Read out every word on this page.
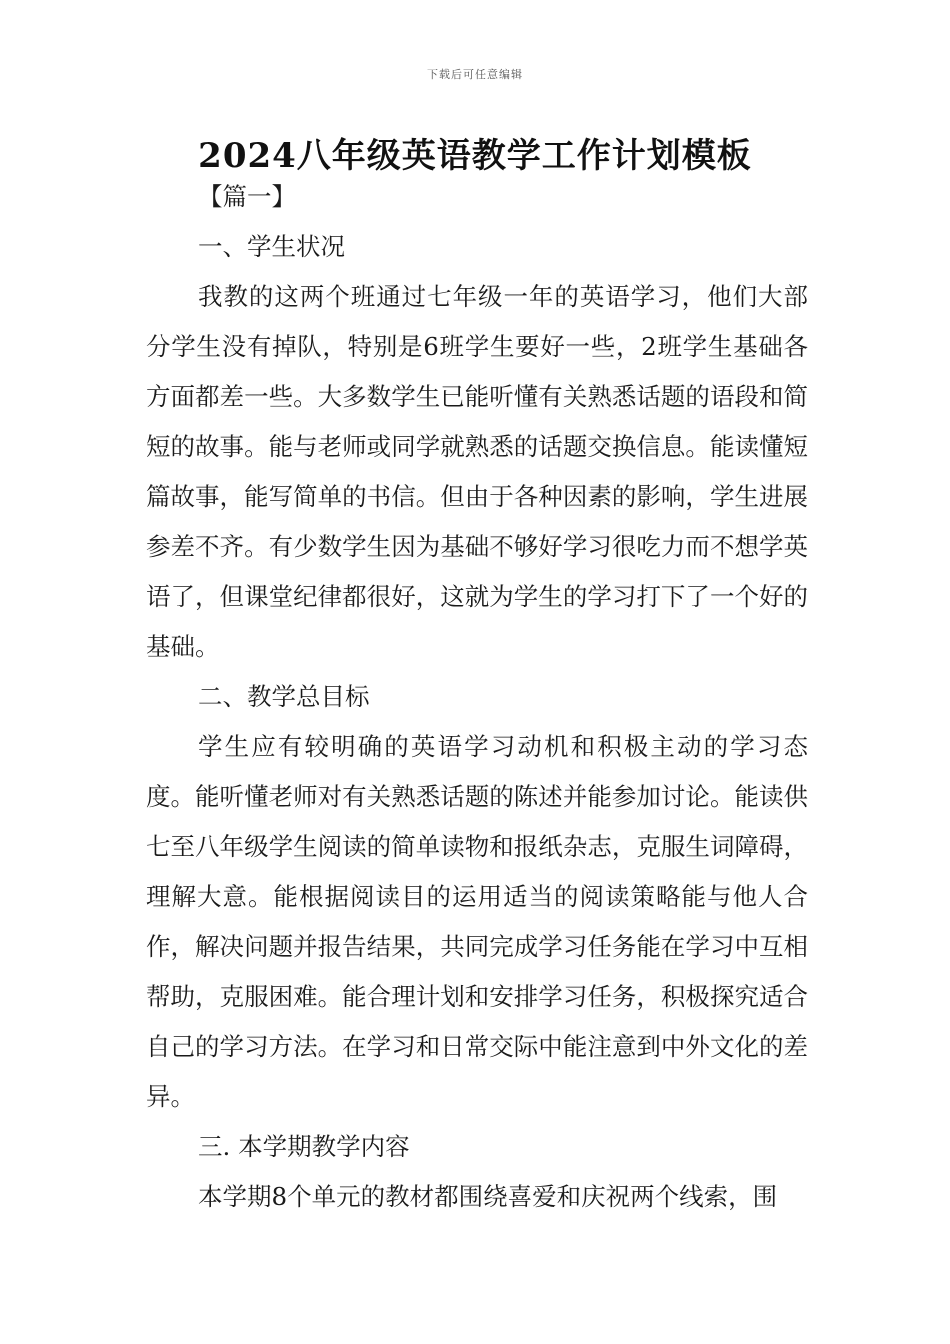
下载后可任意编辑
2024八年级英语教学工作计划模板

【篇一】

一、学生状况

我教的这两个班通过七年级一年的英语学习，他们大部分学生没有掉队，特别是6班学生要好一些，2班学生基础各方面都差一些。大多数学生已能听懂有关熟悉话题的语段和简短的故事。能与老师或同学就熟悉的话题交换信息。能读懂短篇故事，能写简单的书信。但由于各种因素的影响，学生进展参差不齐。有少数学生因为基础不够好学习很吃力而不想学英语了，但课堂纪律都很好，这就为学生的学习打下了一个好的基础。

二、教学总目标

学生应有较明确的英语学习动机和积极主动的学习态度。能听懂老师对有关熟悉话题的陈述并能参加讨论。能读供七至八年级学生阅读的简单读物和报纸杂志，克服生词障碍，理解大意。能根据阅读目的运用适当的阅读策略能与他人合作，解决问题并报告结果，共同完成学习任务能在学习中互相帮助，克服困难。能合理计划和安排学习任务，积极探究适合自己的学习方法。在学习和日常交际中能注意到中外文化的差异。

三. 本学期教学内容

本学期8个单元的教材都围绕喜爱和庆祝两个线索，围
